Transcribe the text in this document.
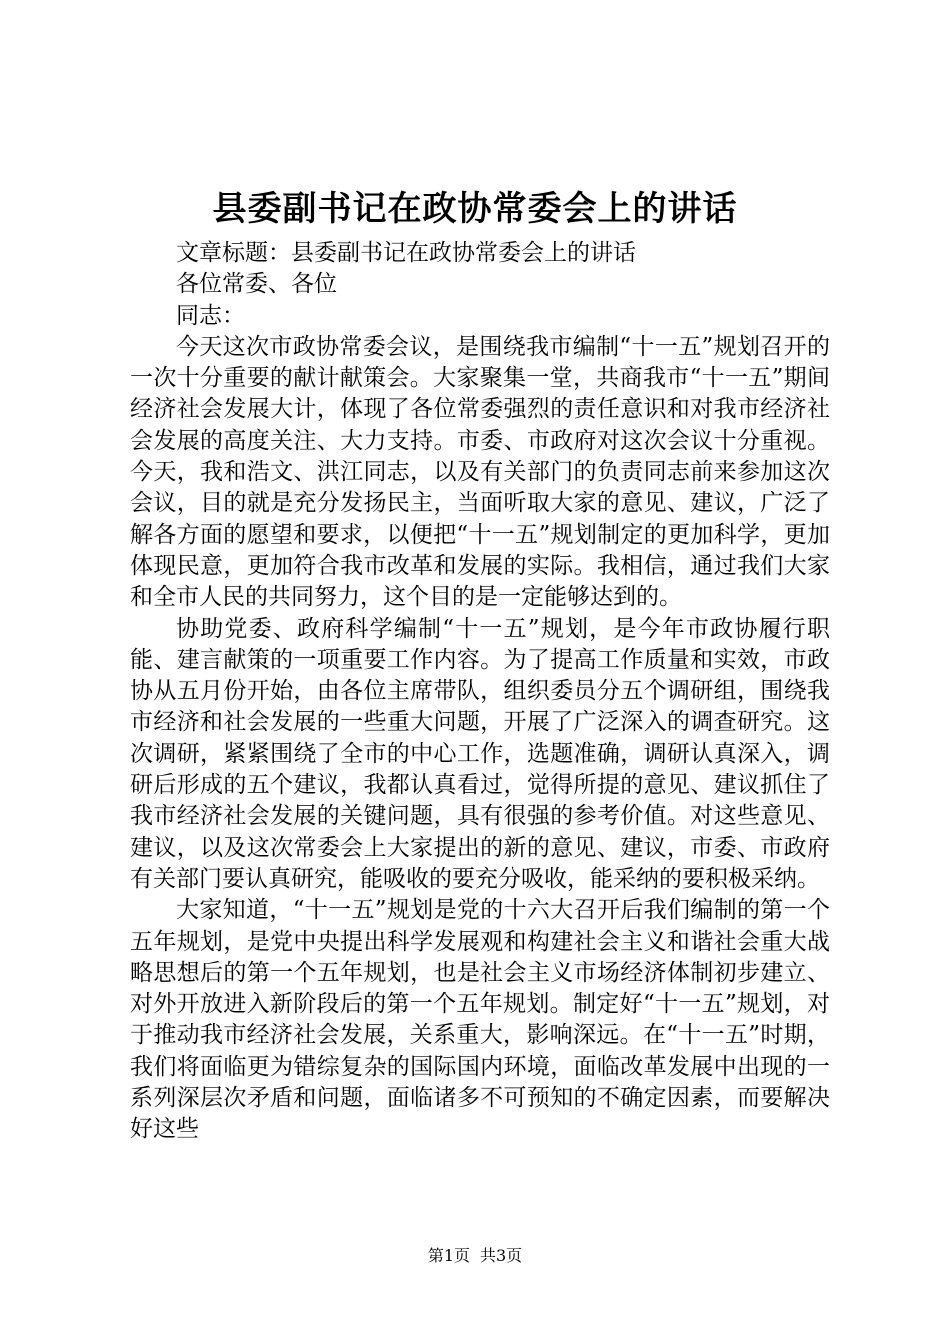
县委副书记在政协常委会上的讲话

文章标题：县委副书记在政协常委会上的讲话

各位常委、各位

同志：

今天这次市政协常委会议，是围绕我市编制“十一五”规划召开的一次十分重要的献计献策会。大家聚集一堂，共商我市“十一五”期间经济社会发展大计，体现了各位常委强烈的责任意识和对我市经济社会发展的高度关注、大力支持。市委、市政府对这次会议十分重视。今天，我和浩文、洪江同志，以及有关部门的负责同志前来参加这次会议，目的就是充分发扬民主，当面听取大家的意见、建议，广泛了解各方面的愿望和要求，以便把“十一五”规划制定的更加科学，更加体现民意，更加符合我市改革和发展的实际。我相信，通过我们大家和全市人民的共同努力，这个目的是一定能够达到的。

协助党委、政府科学编制“十一五”规划，是今年市政协履行职能、建言献策的一项重要工作内容。为了提高工作质量和实效，市政协从五月份开始，由各位主席带队，组织委员分五个调研组，围绕我市经济和社会发展的一些重大问题，开展了广泛深入的调查研究。这次调研，紧紧围绕了全市的中心工作，选题准确，调研认真深入，调研后形成的五个建议，我都认真看过，觉得所提的意见、建议抓住了我市经济社会发展的关键问题，具有很强的参考价值。对这些意见、建议，以及这次常委会上大家提出的新的意见、建议，市委、市政府有关部门要认真研究，能吸收的要充分吸收，能采纳的要积极采纳。

大家知道，“十一五”规划是党的十六大召开后我们编制的第一个五年规划，是党中央提出科学发展观和构建社会主义和谐社会重大战略思想后的第一个五年规划，也是社会主义市场经济体制初步建立、对外开放进入新阶段后的第一个五年规划。制定好“十一五”规划，对于推动我市经济社会发展，关系重大，影响深远。在“十一五”时期，我们将面临更为错综复杂的国际国内环境，面临改革发展中出现的一系列深层次矛盾和问题，面临诸多不可预知的不确定因素，而要解决好这些

第1页 共3页
